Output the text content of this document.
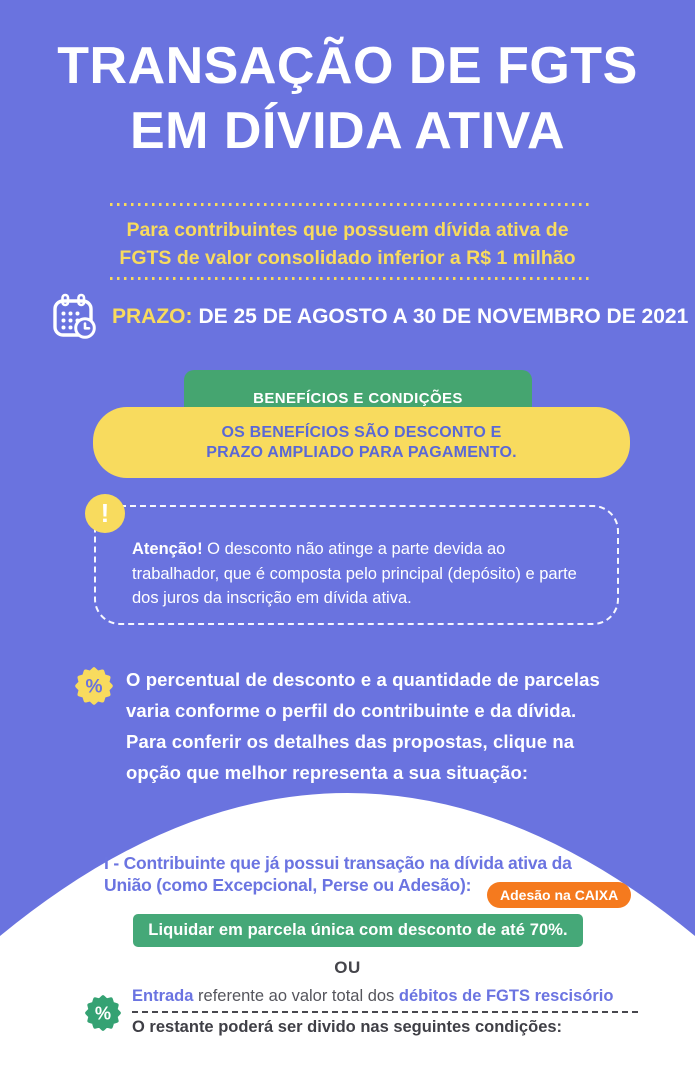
TRANSAÇÃO DE FGTS
EM DÍVIDA ATIVA

Para contribuintes que possuem dívida ativa de
FGTS de valor consolidado inferior a R$ 1 milhão

PRAZO: DE 25 DE AGOSTO A 30 DE NOVEMBRO DE 2021

BENEFÍCIOS E CONDIÇÕES
OS BENEFÍCIOS SÃO DESCONTO E
PRAZO AMPLIADO PARA PAGAMENTO.
!

Atenção! O desconto não atinge a parte devida ao
trabalhador, que é composta pelo principal (depósito) e parte
dos juros da inscrição em dívida ativa.

% O percentual de desconto e a quantidade de parcelas
varia conforme o perfil do contribuinte e da dívida.
Para conferir os detalhes das propostas, clique na
opção que melhor representa a sua situação:

I - Contribuinte que já possui transação na dívida ativa da
União (como Excepcional, Perse ou Adesão):	Adesão na CAIXA
Liquidar em parcela única com desconto de até 70%.

OU

%

Entrada referente ao valor total dos débitos de FGTS rescisório

O restante poderá ser divido nas seguintes condições:
